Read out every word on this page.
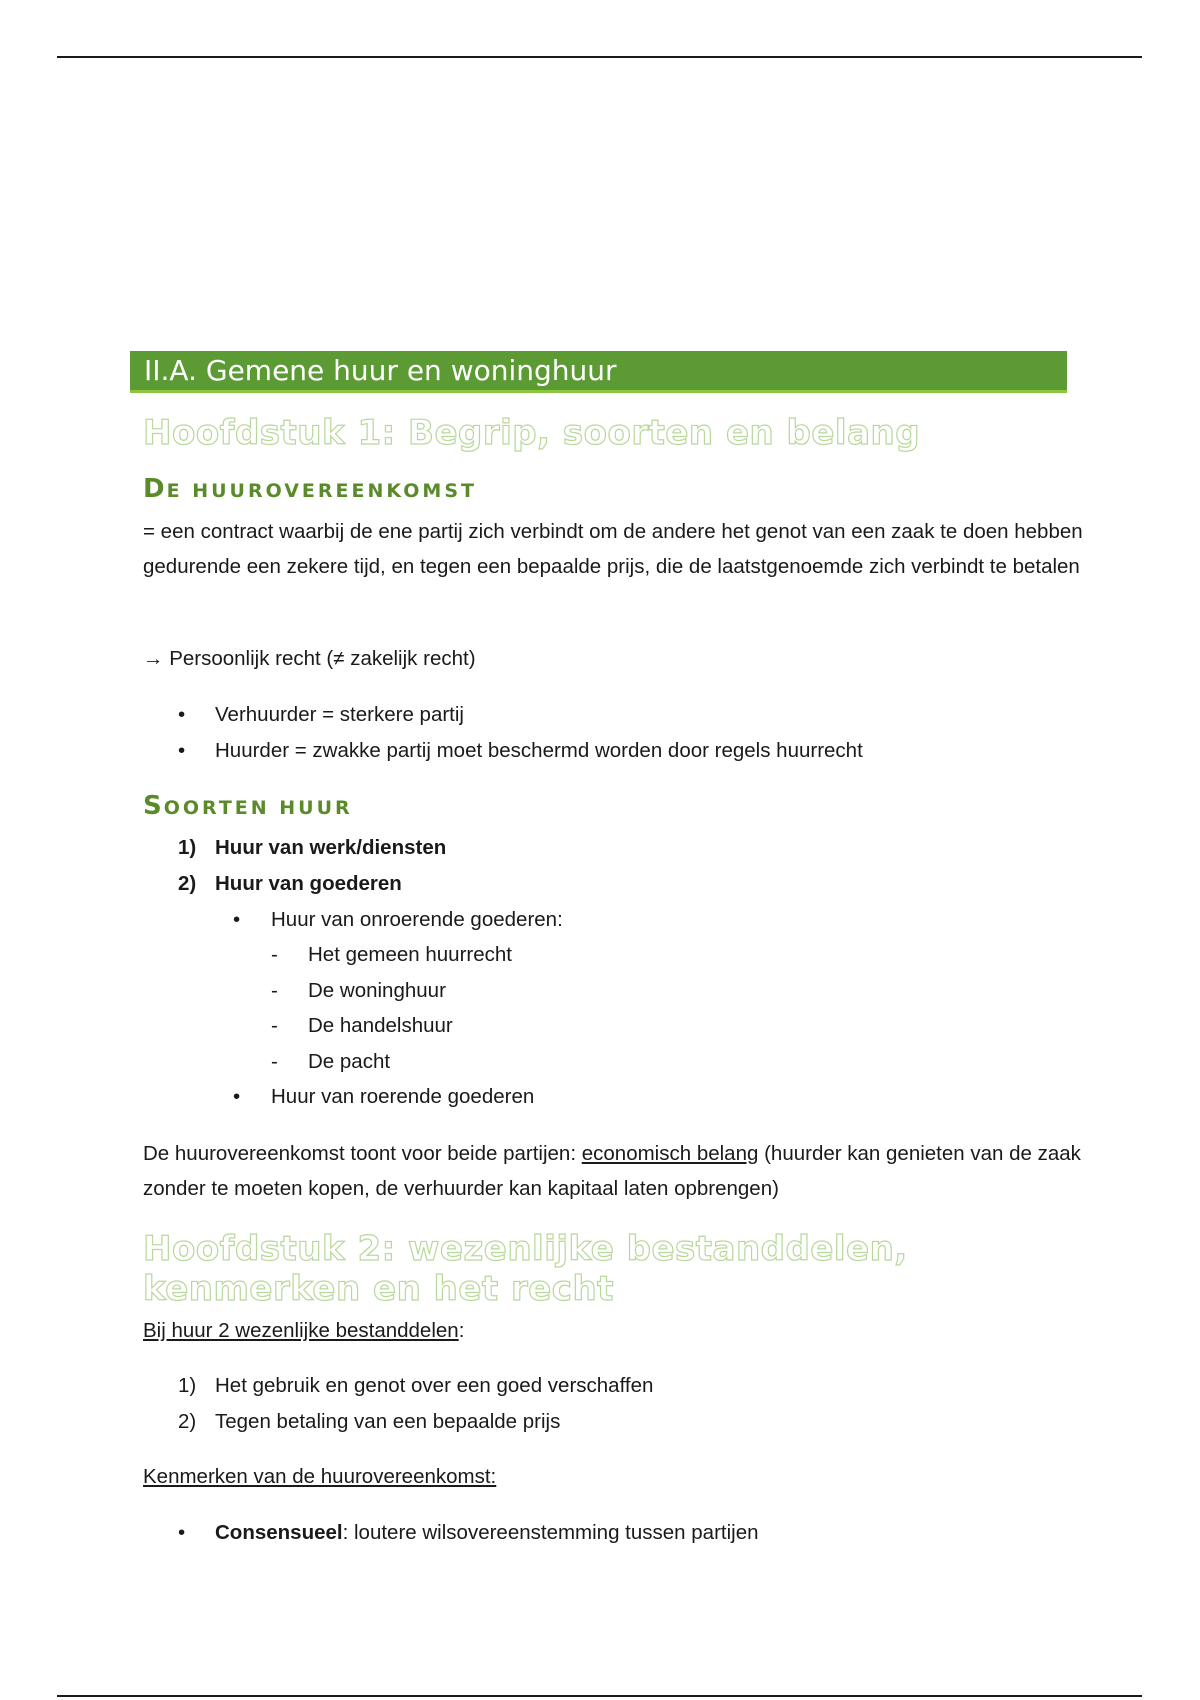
II.A. Gemene huur en woninghuur
Hoofdstuk 1: Begrip, soorten en belang
DE HUUROVEREENKOMST

= een contract waarbij de ene partij zich verbindt om de andere het genot van een zaak te doen hebben gedurende een zekere tijd, en tegen een bepaalde prijs, die de laatstgenoemde zich verbindt te betalen

→ Persoonlijk recht (≠ zakelijk recht)

•	Verhuurder = sterkere partij
•	Huurder = zwakke partij moet beschermd worden door regels huurrecht
SOORTEN HUUR
1) Huur van werk/diensten
2) Huur van goederen
•	Huur van onroerende goederen:
-	Het gemeen huurrecht
-	De woninghuur
-	De handelshuur
-	De pacht
•	Huur van roerende goederen

De huurovereenkomst toont voor beide partijen: economisch belang (huurder kan genieten van de zaak zonder te moeten kopen, de verhuurder kan kapitaal laten opbrengen)

Hoofdstuk 2: wezenlijke bestanddelen,
kenmerken en het recht

Bij huur 2 wezenlijke bestanddelen:

1) Het gebruik en genot over een goed verschaffen
2) Tegen betaling van een bepaalde prijs

Kenmerken van de huurovereenkomst:

•	Consensueel: loutere wilsovereenstemming tussen partijen
